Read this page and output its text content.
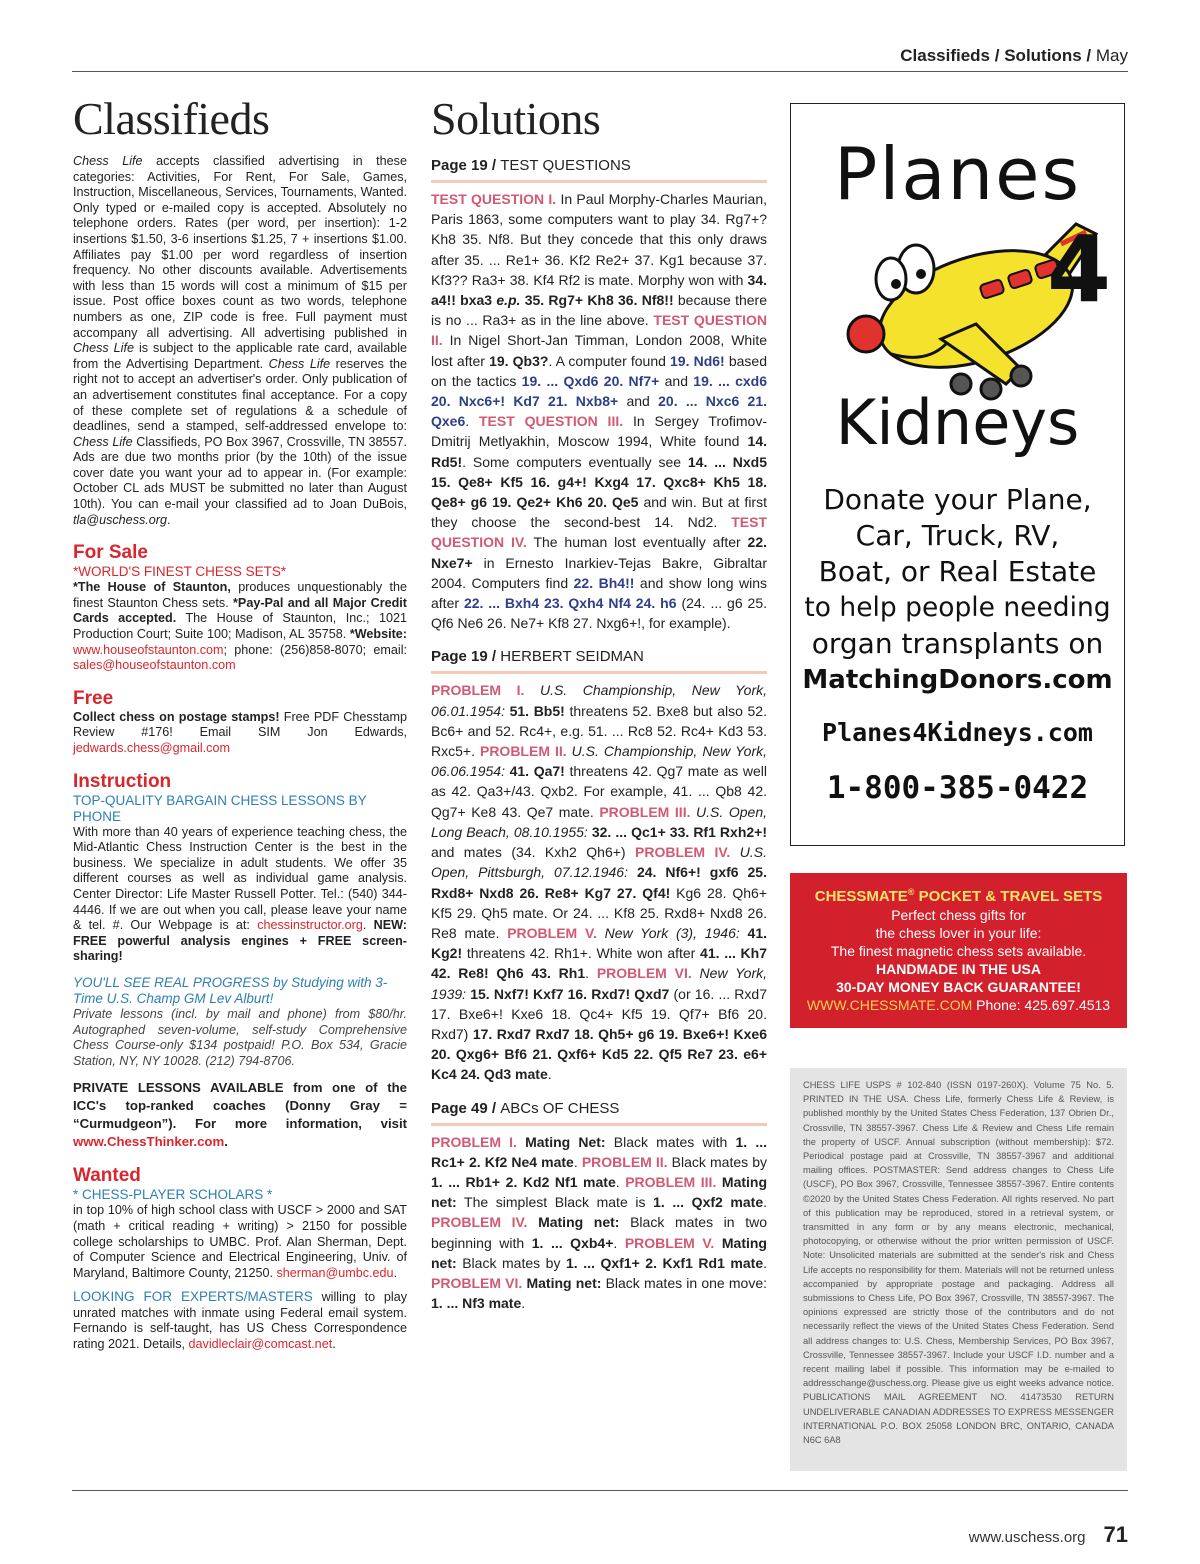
Classifieds / Solutions / May
Classifieds

Chess Life accepts classified advertising in these categories: Activities, For Rent, For Sale, Games, Instruction, Miscellaneous, Services, Tournaments, Wanted. Only typed or e-mailed copy is accepted. Absolutely no telephone orders. Rates (per word, per insertion): 1-2 insertions $1.50, 3-6 insertions $1.25, 7 + insertions $1.00. Affiliates pay $1.00 per word regardless of insertion frequency. No other discounts available. Advertisements with less than 15 words will cost a minimum of $15 per issue. Post office boxes count as two words, telephone numbers as one, ZIP code is free. Full payment must accompany all advertising. All advertising published in Chess Life is subject to the applicable rate card, available from the Advertising Department. Chess Life reserves the right not to accept an advertiser's order. Only publication of an advertisement constitutes final acceptance. For a copy of these complete set of regulations & a schedule of deadlines, send a stamped, self-addressed envelope to: Chess Life Classifieds, PO Box 3967, Crossville, TN 38557. Ads are due two months prior (by the 10th) of the issue cover date you want your ad to appear in. (For example: October CL ads MUST be submitted no later than August 10th). You can e-mail your classified ad to Joan DuBois, tla@uschess.org.

For Sale

*WORLD'S FINEST CHESS SETS*

*The House of Staunton, produces unquestionably the finest Staunton Chess sets. *Pay-Pal and all Major Credit Cards accepted. The House of Staunton, Inc.; 1021 Production Court; Suite 100; Madison, AL 35758. *Website: www.houseofstaunton.com; phone: (256)858-8070; email: sales@houseofstaunton.com

Free

Collect chess on postage stamps! Free PDF Chesstamp Review #176! Email SIM Jon Edwards, jedwards.chess@gmail.com

Instruction

TOP-QUALITY BARGAIN CHESS LESSONS BY PHONE

With more than 40 years of experience teaching chess, the Mid-Atlantic Chess Instruction Center is the best in the business. We specialize in adult students. We offer 35 different courses as well as individual game analysis. Center Director: Life Master Russell Potter. Tel.: (540) 344-4446. If we are out when you call, please leave your name & tel. #. Our Webpage is at: chessinstructor.org. NEW: FREE powerful analysis engines + FREE screen-sharing!

YOU'LL SEE REAL PROGRESS by Studying with 3-Time U.S. Champ GM Lev Alburt!

Private lessons (incl. by mail and phone) from $80/hr. Autographed seven-volume, self-study Comprehensive Chess Course-only $134 postpaid! P.O. Box 534, Gracie Station, NY, NY 10028. (212) 794-8706.

PRIVATE LESSONS AVAILABLE from one of the ICC's top-ranked coaches (Donny Gray = “Curmudgeon”). For more information, visit www.ChessThinker.com.

Wanted

* CHESS-PLAYER SCHOLARS *

in top 10% of high school class with USCF > 2000 and SAT (math + critical reading + writing) > 2150 for possible college scholarships to UMBC. Prof. Alan Sherman, Dept. of Computer Science and Electrical Engineering, Univ. of Maryland, Baltimore County, 21250. sherman@umbc.edu.

LOOKING FOR EXPERTS/MASTERS willing to play unrated matches with inmate using Federal email system. Fernando is self-taught, has US Chess Correspondence rating 2021. Details, davidleclair@comcast.net.

Solutions
Page 19 / TEST QUESTIONS

TEST QUESTION I. In Paul Morphy-Charles Maurian, Paris 1863, some computers want to play 34. Rg7+? Kh8 35. Nf8. But they concede that this only draws after 35. ... Re1+ 36. Kf2 Re2+ 37. Kg1 because 37. Kf3?? Ra3+ 38. Kf4 Rf2 is mate. Morphy won with 34. a4!! bxa3 e.p. 35. Rg7+ Kh8 36. Nf8!! because there is no ... Ra3+ as in the line above. TEST QUESTION II. In Nigel Short-Jan Timman, London 2008, White lost after 19. Qb3?. A computer found 19. Nd6! based on the tactics 19. ... Qxd6 20. Nf7+ and 19. ... cxd6 20. Nxc6+! Kd7 21. Nxb8+ and 20. ... Nxc6 21. Qxe6. TEST QUESTION III. In Sergey Trofimov-Dmitrij Metlyakhin, Moscow 1994, White found 14. Rd5!. Some computers eventually see 14. ... Nxd5 15. Qe8+ Kf5 16. g4+! Kxg4 17. Qxc8+ Kh5 18. Qe8+ g6 19. Qe2+ Kh6 20. Qe5 and win. But at first they choose the second-best 14. Nd2. TEST QUESTION IV. The human lost eventually after 22. Nxe7+ in Ernesto Inarkiev-Tejas Bakre, Gibraltar 2004. Computers find 22. Bh4!! and show long wins after 22. ... Bxh4 23. Qxh4 Nf4 24. h6 (24. ... g6 25. Qf6 Ne6 26. Ne7+ Kf8 27. Nxg6+!, for example).

Page 19 / HERBERT SEIDMAN

PROBLEM I. U.S. Championship, New York, 06.01.1954: 51. Bb5! threatens 52. Bxe8 but also 52. Bc6+ and 52. Rc4+, e.g. 51. ... Rc8 52. Rc4+ Kd3 53. Rxc5+. PROBLEM II. U.S. Championship, New York, 06.06.1954: 41. Qa7! threatens 42. Qg7 mate as well as 42. Qa3+/43. Qxb2. For example, 41. ... Qb8 42. Qg7+ Ke8 43. Qe7 mate. PROBLEM III. U.S. Open, Long Beach, 08.10.1955: 32. ... Qc1+ 33. Rf1 Rxh2+! and mates (34. Kxh2 Qh6+) PROBLEM IV. U.S. Open, Pittsburgh, 07.12.1946: 24. Nf6+! gxf6 25. Rxd8+ Nxd8 26. Re8+ Kg7 27. Qf4! Kg6 28. Qh6+ Kf5 29. Qh5 mate. Or 24. ... Kf8 25. Rxd8+ Nxd8 26. Re8 mate. PROBLEM V. New York (3), 1946: 41. Kg2! threatens 42. Rh1+. White won after 41. ... Kh7 42. Re8! Qh6 43. Rh1. PROBLEM VI. New York, 1939: 15. Nxf7! Kxf7 16. Rxd7! Qxd7 (or 16. ... Rxd7 17. Bxe6+! Kxe6 18. Qc4+ Kf5 19. Qf7+ Bf6 20. Rxd7) 17. Rxd7 Rxd7 18. Qh5+ g6 19. Bxe6+! Kxe6 20. Qxg6+ Bf6 21. Qxf6+ Kd5 22. Qf5 Re7 23. e6+ Kc4 24. Qd3 mate.

Page 49 / ABCs OF CHESS

PROBLEM I. Mating Net: Black mates with 1. ... Rc1+ 2. Kf2 Ne4 mate. PROBLEM II. Black mates by 1. ... Rb1+ 2. Kd2 Nf1 mate. PROBLEM III. Mating net: The simplest Black mate is 1. ... Qxf2 mate. PROBLEM IV. Mating net: Black mates in two beginning with 1. ... Qxb4+. PROBLEM V. Mating net: Black mates by 1. ... Qxf1+ 2. Kxf1 Rd1 mate. PROBLEM VI. Mating net: Black mates in one move: 1. ... Nf3 mate.

Planes
4
Kidneys
Donate your Plane,
Car, Truck, RV,
Boat, or Real Estate
to help people needing
organ transplants on
MatchingDonors.com
Planes4Kidneys.com
1-800-385-0422
CHESSMATE® POCKET & TRAVEL SETS
Perfect chess gifts for
the chess lover in your life:
The finest magnetic chess sets available.
HANDMADE IN THE USA
30-DAY MONEY BACK GUARANTEE!
WWW.CHESSMATE.COM Phone: 425.697.4513
CHESS LIFE USPS # 102-840 (ISSN 0197-260X). Volume 75 No. 5. PRINTED IN THE USA. Chess Life, formerly Chess Life & Review, is published monthly by the United States Chess Federation, 137 Obrien Dr., Crossville, TN 38557-3967. Chess Life & Review and Chess Life remain the property of USCF. Annual subscription (without membership): $72. Periodical postage paid at Crossville, TN 38557-3967 and additional mailing offices. POSTMASTER: Send address changes to Chess Life (USCF), PO Box 3967, Crossville, Tennessee 38557-3967. Entire contents ©2020 by the United States Chess Federation. All rights reserved. No part of this publication may be reproduced, stored in a retrieval system, or transmitted in any form or by any means electronic, mechanical, photocopying, or otherwise without the prior written permission of USCF. Note: Unsolicited materials are submitted at the sender's risk and Chess Life accepts no responsibility for them. Materials will not be returned unless accompanied by appropriate postage and packaging. Address all submissions to Chess Life, PO Box 3967, Crossville, TN 38557-3967. The opinions expressed are strictly those of the contributors and do not necessarily reflect the views of the United States Chess Federation. Send all address changes to: U.S. Chess, Membership Services, PO Box 3967, Crossville, Tennessee 38557-3967. Include your USCF I.D. number and a recent mailing label if possible. This information may be e-mailed to addresschange@uschess.org. Please give us eight weeks advance notice. PUBLICATIONS MAIL AGREEMENT NO. 41473530 RETURN UNDELIVERABLE CANADIAN ADDRESSES TO EXPRESS MESSENGER INTERNATIONAL P.O. BOX 25058 LONDON BRC, ONTARIO, CANADA N6C 6A8
www.uschess.org 71
